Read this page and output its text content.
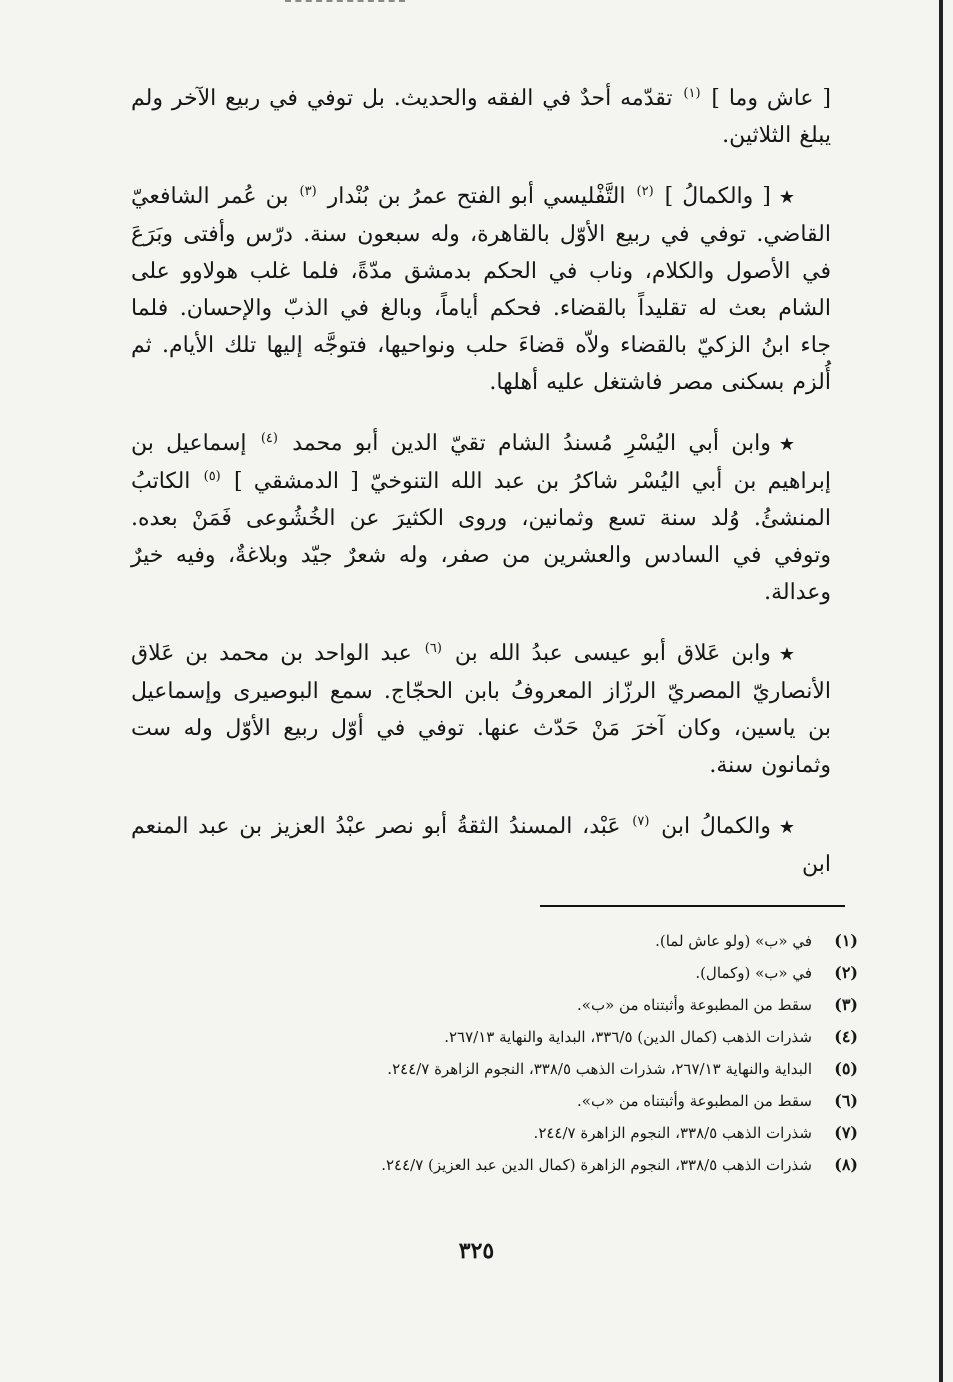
[ عاش وما ] $^{(١)}$ تقدّمه أحدٌ في الفقه والحديث. بل توفي في ربيع الآخر ولم يبلغ الثلاثين.

★[ والكمالُ ] $^{(٢)}$ التَّفْليسي أبو الفتح عمرُ بن بُنْدار $^{(٣)}$ بن عُمر الشافعيّ القاضي. توفي في ربيع الأوّل بالقاهرة، وله سبعون سنة. درّس وأفتى وبَرَعَ في الأصول والكلام، وناب في الحكم بدمشق مدّةً، فلما غلب هولاوو على الشام بعث له تقليداً بالقضاء. فحكم أياماً، وبالغ في الذبّ والإحسان. فلما جاء ابنُ الزكيّ بالقضاء ولاّه قضاءَ حلب ونواحيها، فتوجَّه إليها تلك الأيام. ثم أُلزم بسكنى مصر فاشتغل عليه أهلها.

★وابن أبي اليُسْرِ مُسندُ الشام تقيّ الدين أبو محمد $^{(٤)}$ إسماعيل بن إبراهيم بن أبي اليُسْر شاكرُ بن عبد الله التنوخيّ [ الدمشقي ] $^{(٥)}$ الكاتبُ المنشئُ. وُلد سنة تسع وثمانين، وروى الكثيرَ عن الخُشُوعى فَمَنْ بعده. وتوفي في السادس والعشرين من صفر، وله شعرٌ جيّد وبلاغةٌ، وفيه خيرٌ وعدالة.

★وابن عَلاق أبو عيسى عبدُ الله بن $^{(٦)}$ عبد الواحد بن محمد بن عَلاق الأنصاريّ المصريّ الرزّاز المعروفُ بابن الحجّاج. سمع البوصيرى وإسماعيل بن ياسين، وكان آخرَ مَنْ حَدّث عنها. توفي في أوّل ربيع الأوّل وله ست وثمانون سنة.

★والكمالُ ابن $^{(٧)}$ عَبْد، المسندُ الثقةُ أبو نصر عبْدُ العزيز بن عبد المنعم ابن

(١)في «ب» (ولو عاش لما).
(٢)في «ب» (وكمال).
(٣)سقط من المطبوعة وأثبتناه من «ب».
(٤)شذرات الذهب (كمال الدين) ٣٣٦/٥، البداية والنهاية ٢٦٧/١٣.
(٥)البداية والنهاية ٢٦٧/١٣، شذرات الذهب ٣٣٨/٥، النجوم الزاهرة ٢٤٤/٧.
(٦)سقط من المطبوعة وأثبتناه من «ب».
(٧)شذرات الذهب ٣٣٨/٥، النجوم الزاهرة ٢٤٤/٧.
(٨)شذرات الذهب ٣٣٨/٥، النجوم الزاهرة (كمال الدين عبد العزيز) ٢٤٤/٧.
٣٢٥
